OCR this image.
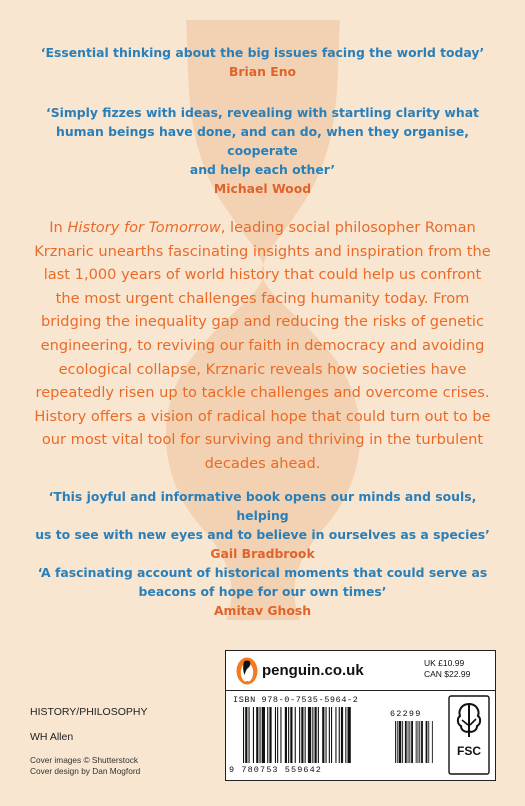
‘Essential thinking about the big issues facing the world today’

Brian Eno

‘Simply fizzes with ideas, revealing with startling clarity what
human beings have done, and can do, when they organise, cooperate
and help each other’

Michael Wood

In History for Tomorrow, leading social philosopher Roman Krznaric unearths fascinating insights and inspiration from the last 1,000 years of world history that could help us confront the most urgent challenges facing humanity today. From bridging the inequality gap and reducing the risks of genetic engineering, to reviving our faith in democracy and avoiding ecological collapse, Krznaric reveals how societies have repeatedly risen up to tackle challenges and overcome crises. History offers a vision of radical hope that could turn out to be our most vital tool for surviving and thriving in the turbulent decades ahead.

‘This joyful and informative book opens our minds and souls, helping
us to see with new eyes and to believe in ourselves as a species’

Gail Bradbrook

‘A fascinating account of historical moments that could serve as
beacons of hope for our own times’

Amitav Ghosh

penguin.co.uk	UK £10.99
CAN $22.99
ISBN 978-0-7535-5964-2
62299
9 780753 559642
FSC
HISTORY/PHILOSOPHY
WH Allen
Cover images © Shutterstock
Cover design by Dan Mogford
